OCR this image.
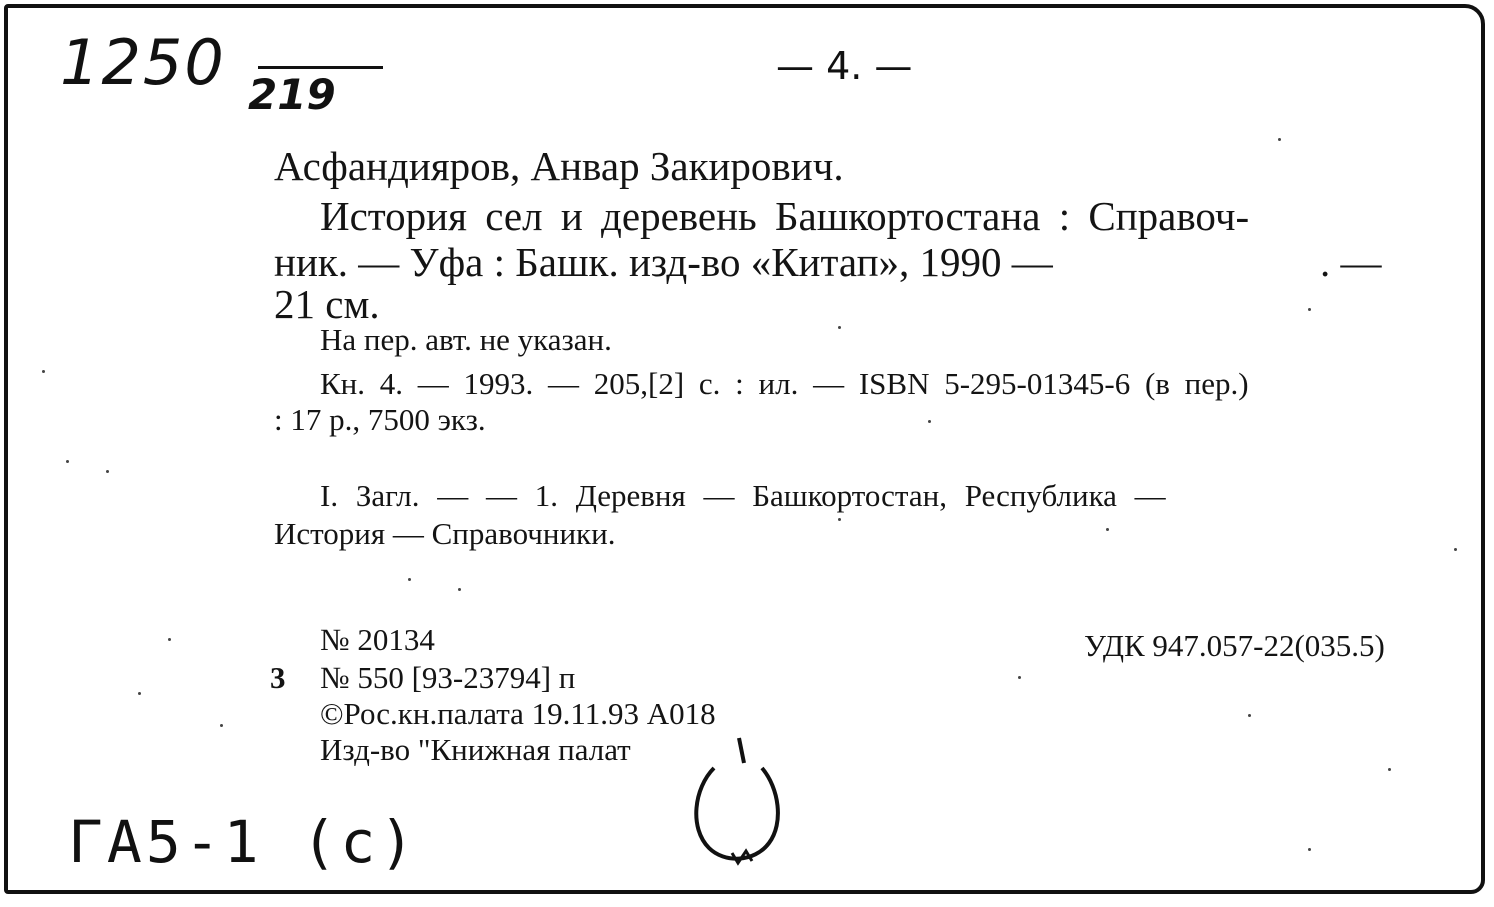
1250 219
— 4. —
Асфандияров, Анвар Закирович.
История сел и деревень Башкортостана : Справоч-
ник. — Уфа : Башк. изд-во «Китап», 1990 —	. —
21 см.
На пер. авт. не указан.
Кн. 4. — 1993. — 205,[2] с. : ил. — ISBN 5-295-01345-6 (в пер.)
: 17 р., 7500 экз.
I. Загл. — — 1. Деревня — Башкортостан, Республика —
История — Справочники.
№ 20134	УДК 947.057-22(035.5)
3 № 550 [93-23794] п
©Рос.кн.палата 19.11.93 А018
Изд-во "Книжная палат
ГА5-1 (с)
